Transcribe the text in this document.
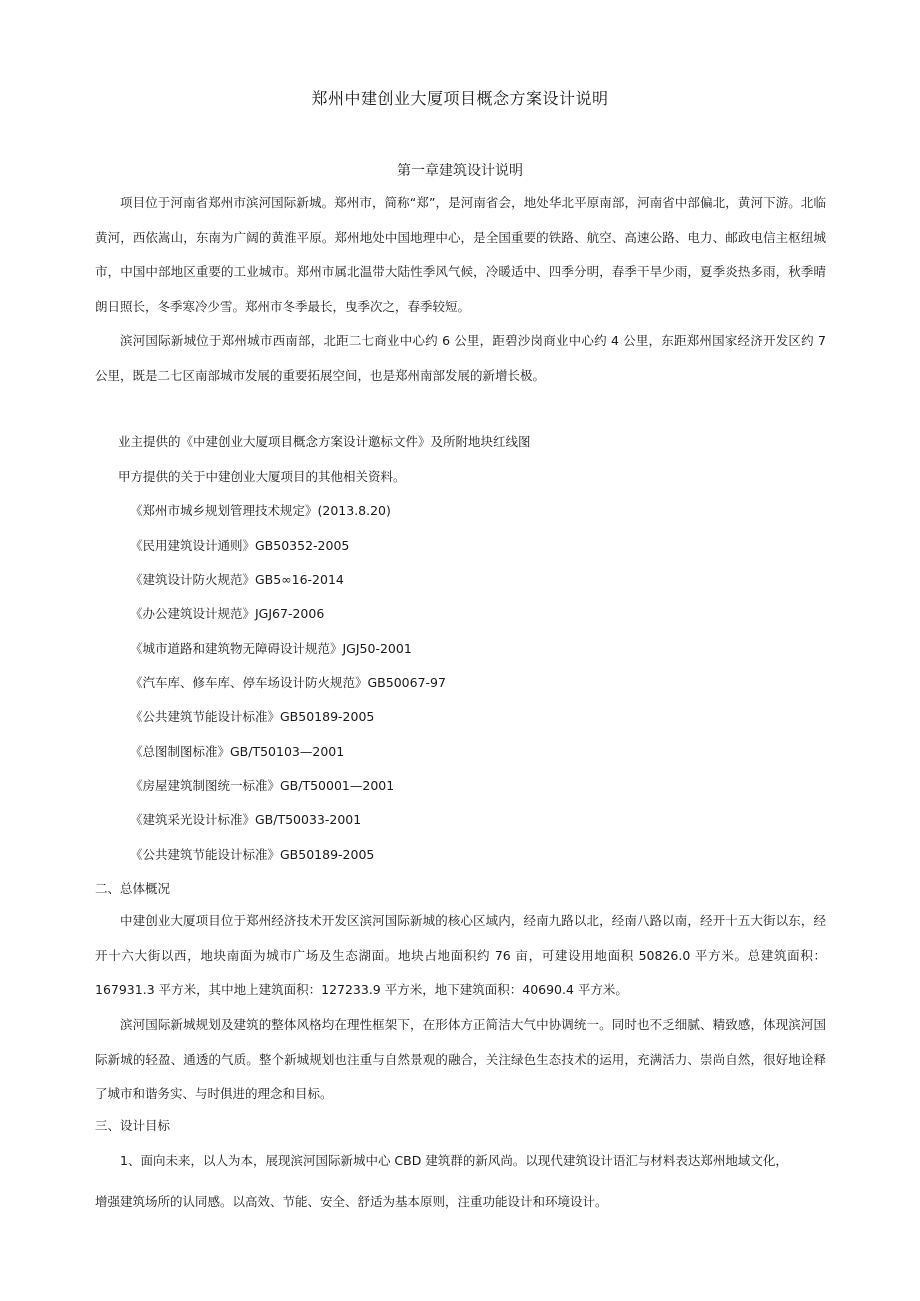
郑州中建创业大厦项目概念方案设计说明
第一章建筑设计说明

项目位于河南省郑州市滨河国际新城。郑州市，简称“郑”，是河南省会，地处华北平原南部，河南省中部偏北，黄河下游。北临黄河，西依嵩山，东南为广阔的黄淮平原。郑州地处中国地理中心，是全国重要的铁路、航空、高速公路、电力、邮政电信主枢纽城市，中国中部地区重要的工业城市。郑州市属北温带大陆性季风气候，冷暖适中、四季分明，春季干旱少雨，夏季炎热多雨，秋季晴朗日照长，冬季寒冷少雪。郑州市冬季最长，曳季次之，春季较短。

滨河国际新城位于郑州城市西南部，北距二七商业中心约 6 公里，距碧沙岗商业中心约 4 公里，东距郑州国家经济开发区约 7 公里，既是二七区南部城市发展的重要拓展空间，也是郑州南部发展的新增长极。

业主提供的《中建创业大厦项目概念方案设计邀标文件》及所附地块红线图
甲方提供的关于中建创业大厦项目的其他相关资料。
《郑州市城乡规划管理技术规定》(2013.8.20)
《民用建筑设计通则》GB50352-2005
《建筑设计防火规范》GB5∞16-2014
《办公建筑设计规范》JGJ67-2006
《城市道路和建筑物无障碍设计规范》JGJ50-2001
《汽车库、修车库、停车场设计防火规范》GB50067-97
《公共建筑节能设计标准》GB50189-2005
《总图制图标准》GB/T50103—2001
《房屋建筑制图统一标准》GB/T50001—2001
《建筑采光设计标准》GB/T50033-2001
《公共建筑节能设计标准》GB50189-2005
二、总体概况

中建创业大厦项目位于郑州经济技术开发区滨河国际新城的核心区域内，经南九路以北，经南八路以南，经开十五大街以东，经开十六大街以西，地块南面为城市广场及生态湖面。地块占地面积约 76 亩，可建设用地面积 50826.0 平方米。总建筑面积：167931.3 平方米，其中地上建筑面积：127233.9 平方米，地下建筑面积：40690.4 平方米。

滨河国际新城规划及建筑的整体风格均在理性框架下，在形体方正简洁大气中协调统一。同时也不乏细腻、精致感，体现滨河国际新城的轻盈、通透的气质。整个新城规划也注重与自然景观的融合，关注绿色生态技术的运用，充满活力、崇尚自然，很好地诠释了城市和谐务实、与时俱进的理念和目标。

三、设计目标
1、面向未来，以人为本，展现滨河国际新城中心 CBD 建筑群的新风尚。以现代建筑设计语汇与材料表达郑州地域文化，
增强建筑场所的认同感。以高效、节能、安全、舒适为基本原则，注重功能设计和环境设计。
